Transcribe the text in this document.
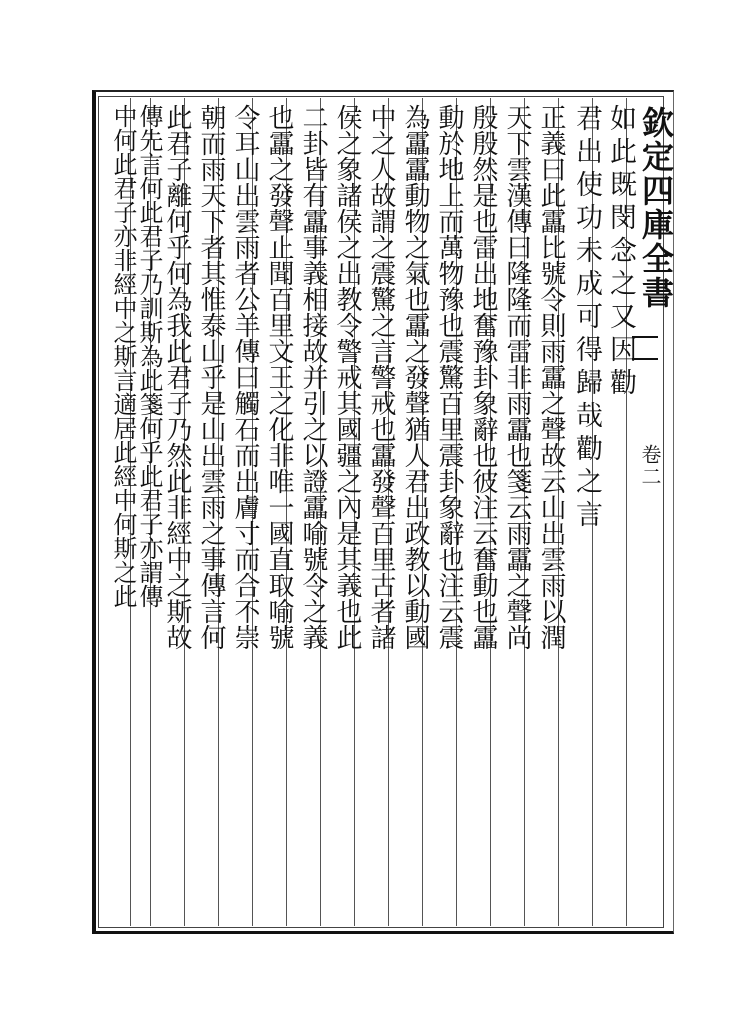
欽定四庫全書
卷二
如此既閔念之又因勸
君出使功未成可得歸哉勸之言
正義曰此靁比號令則雨靁之聲故云山出雲雨以潤
天下雲漢傳曰隆隆而雷非雨靁也箋云雨靁之聲尚
殷殷然是也雷出地奮豫卦象辭也彼注云奮動也靁
動於地上而萬物豫也震驚百里震卦象辭也注云震
為靁靁動物之氣也靁之發聲猶人君出政教以動國
中之人故謂之震驚之言警戒也靁發聲百里古者諸
侯之象諸侯之出教令警戒其國疆之內是其義也此
二卦皆有靁事義相接故并引之以證靁喻號令之義
也靁之發聲止聞百里文王之化非唯一國直取喻號
令耳山出雲雨者公羊傳曰觸石而出膚寸而合不崇
朝而雨天下者其惟泰山乎是山出雲雨之事傳言何
此君子離何乎何為我此君子乃然此非經中之斯故
傳先言何此君子乃訓斯為此箋何乎此君子亦謂傳
中何此君子亦非經中之斯言適居此經中何斯之此
